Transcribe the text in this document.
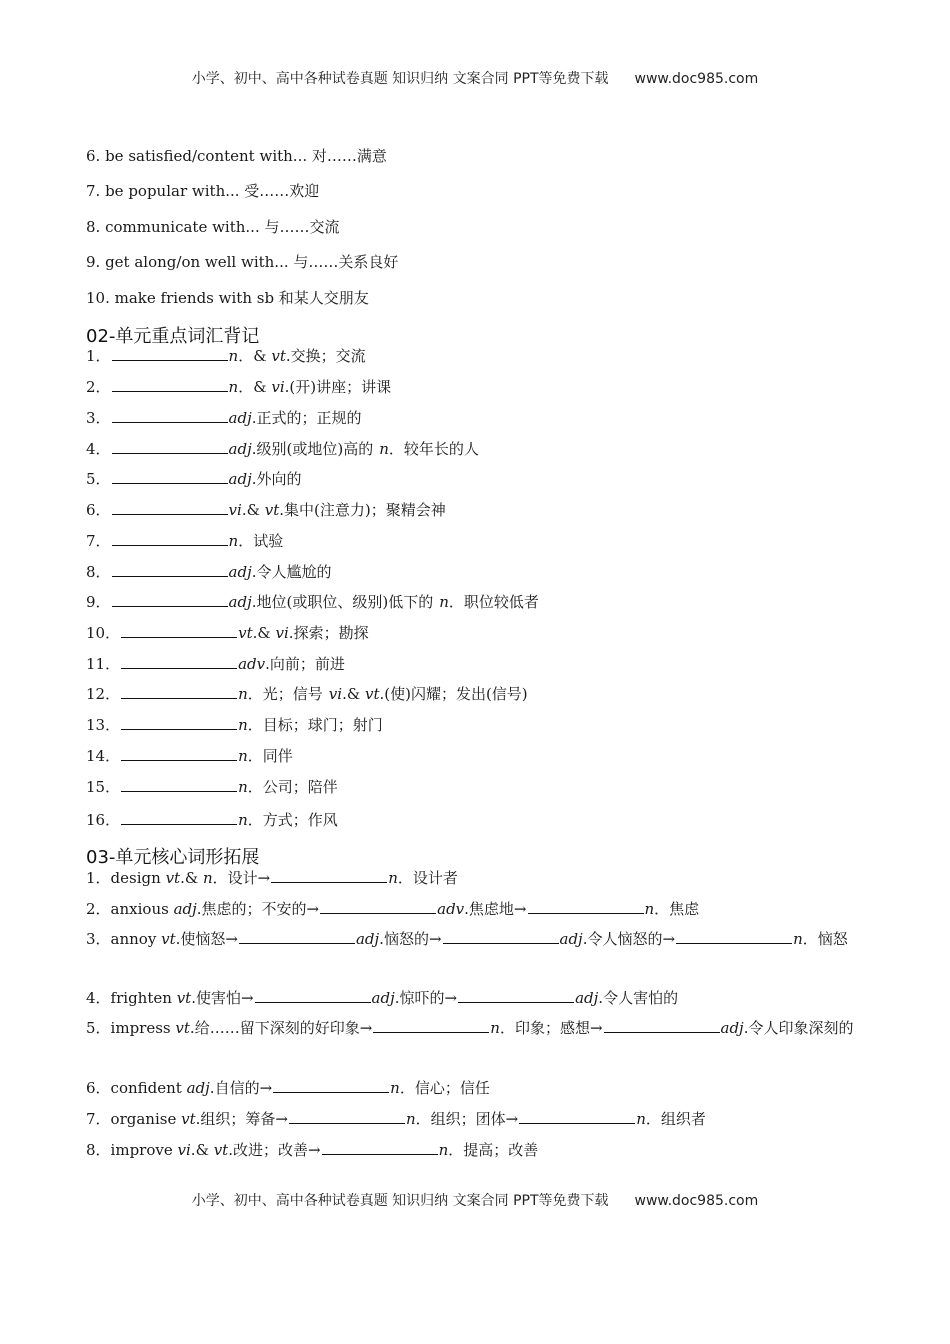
小学、初中、高中各种试卷真题 知识归纳 文案合同 PPT等免费下载 www.doc985.com
6. be satisfied/content with... 对……满意
7. be popular with... 受……欢迎
8. communicate with... 与……交流
9. get along/on well with... 与……关系良好
10. make friends with sb 和某人交朋友
02-单元重点词汇背记
1．	n．& vt.交换；交流
2．	n．& vi.(开)讲座；讲课
3．	adj.正式的；正规的
4．	adj.级别(或地位)高的 n．较年长的人
5．	adj.外向的
6．	vi.& vt.集中(注意力)；聚精会神
7．	n．试验
8．	adj.令人尴尬的
9．	adj.地位(或职位、级别)低下的 n．职位较低者
10．	vt.& vi.探索；勘探
11．	adv.向前；前进
12．	n．光；信号 vi.& vt.(使)闪耀；发出(信号)
13．	n．目标；球门；射门
14．	n．同伴
15．	n．公司；陪伴
16．	n．方式；作风
03-单元核心词形拓展
1．design vt.& n．设计→	n．设计者
2．anxious adj.焦虑的；不安的→	adv.焦虑地→	n．焦虑
3．annoy vt.使恼怒→	adj.恼怒的→	adj.令人恼怒的→	n．恼怒
4．frighten vt.使害怕→	adj.惊吓的→	adj.令人害怕的
5．impress vt.给……留下深刻的好印象→	n．印象；感想→	adj.令人印象深刻的
6．confident adj.自信的→	n．信心；信任
7．organise vt.组织；筹备→	n．组织；团体→	n．组织者
8．improve vi.& vt.改进；改善→	n．提高；改善
小学、初中、高中各种试卷真题 知识归纳 文案合同 PPT等免费下载 www.doc985.com
